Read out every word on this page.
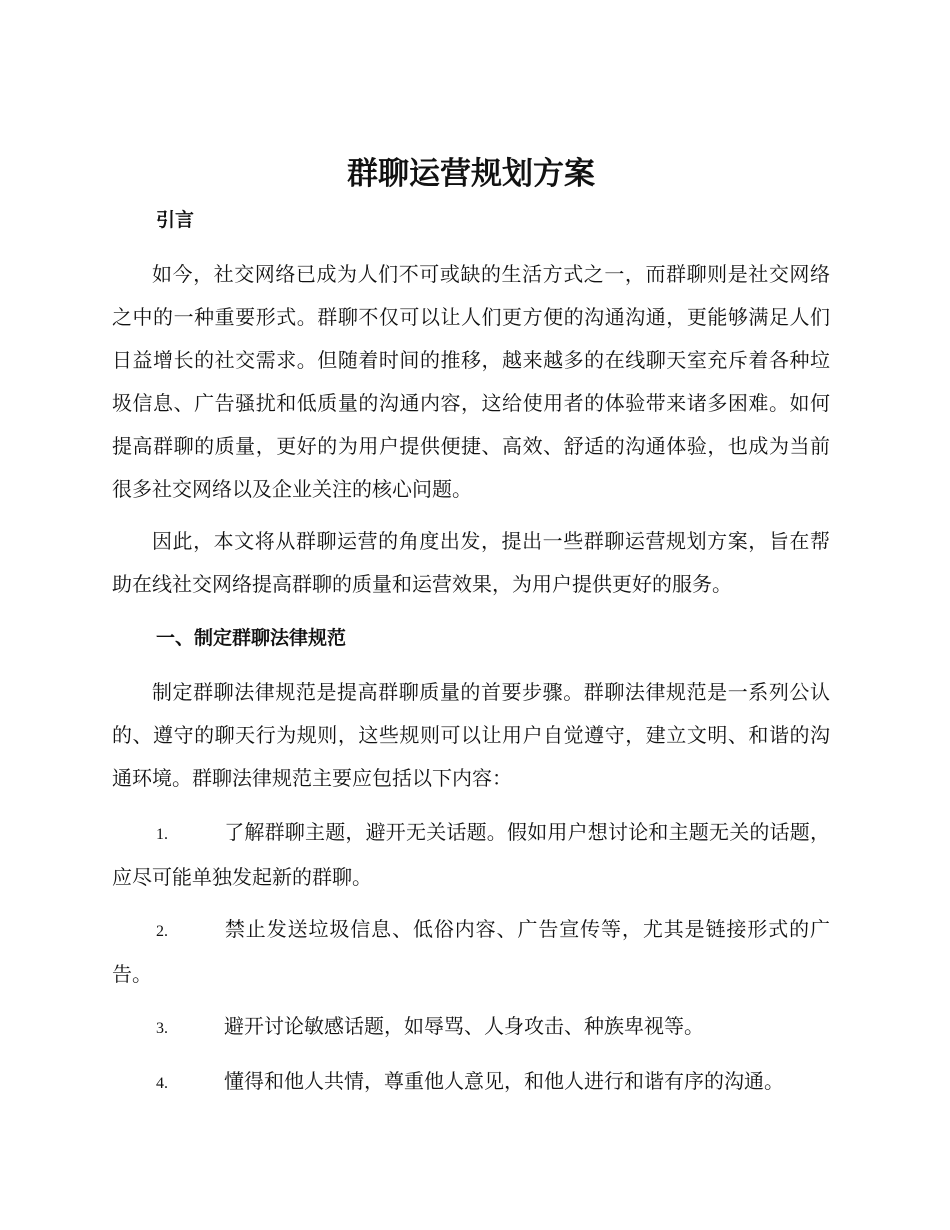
群聊运营规划方案
引言

如今，社交网络已成为人们不可或缺的生活方式之一，而群聊则是社交网络之中的一种重要形式。群聊不仅可以让人们更方便的沟通沟通，更能够满足人们日益增长的社交需求。但随着时间的推移，越来越多的在线聊天室充斥着各种垃圾信息、广告骚扰和低质量的沟通内容，这给使用者的体验带来诸多困难。如何提高群聊的质量，更好的为用户提供便捷、高效、舒适的沟通体验，也成为当前很多社交网络以及企业关注的核心问题。

因此，本文将从群聊运营的角度出发，提出一些群聊运营规划方案，旨在帮助在线社交网络提高群聊的质量和运营效果，为用户提供更好的服务。

一、制定群聊法律规范

制定群聊法律规范是提高群聊质量的首要步骤。群聊法律规范是一系列公认的、遵守的聊天行为规则，这些规则可以让用户自觉遵守，建立文明、和谐的沟通环境。群聊法律规范主要应包括以下内容：

1.	了解群聊主题，避开无关话题。假如用户想讨论和主题无关的话题，应尽可能单独发起新的群聊。

2.	禁止发送垃圾信息、低俗内容、广告宣传等，尤其是链接形式的广告。

3.	避开讨论敏感话题，如辱骂、人身攻击、种族卑视等。

4.	懂得和他人共情，尊重他人意见，和他人进行和谐有序的沟通。
